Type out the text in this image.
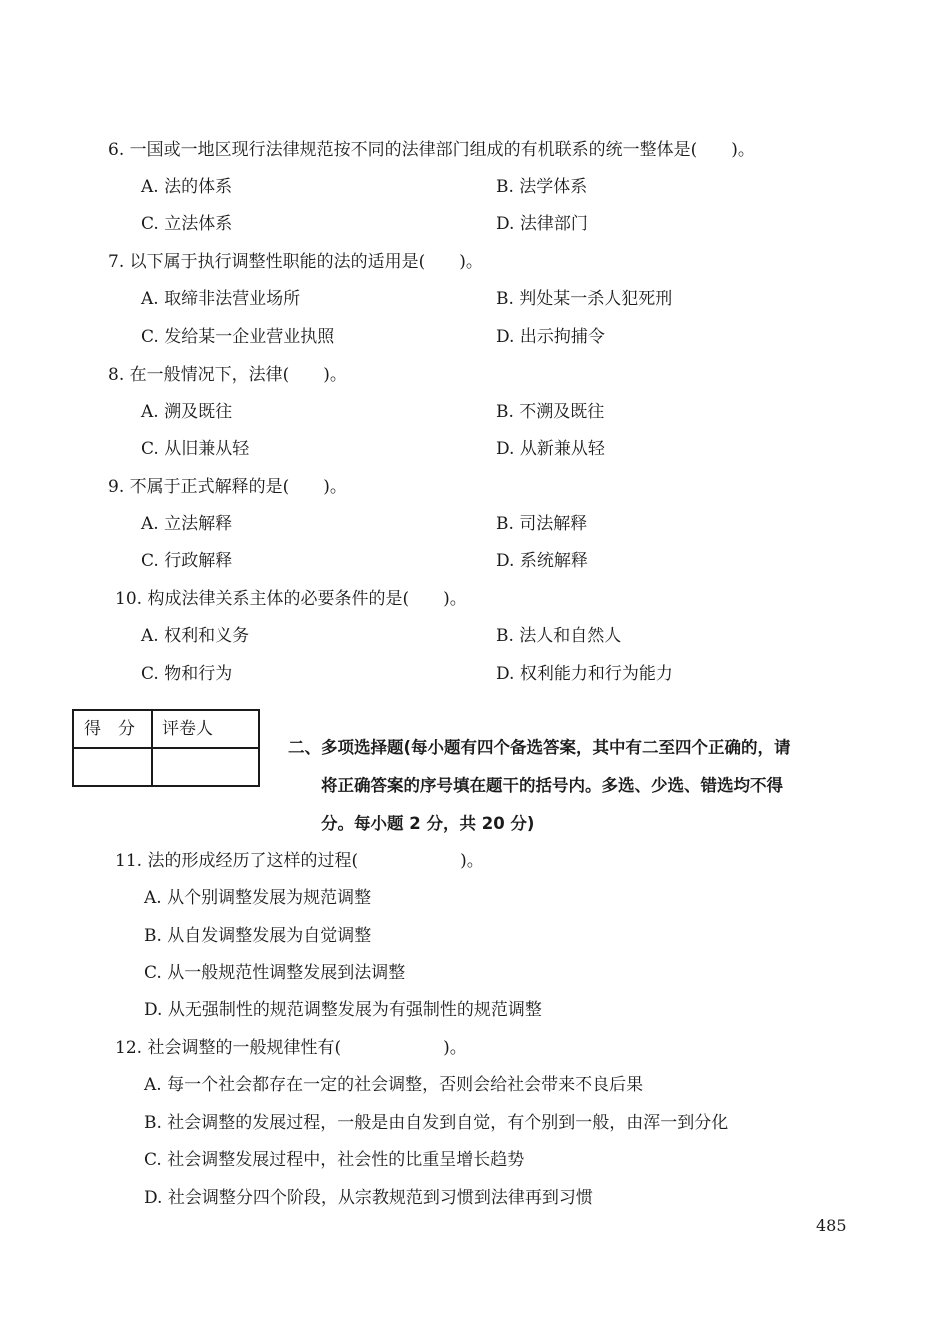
6. 一国或一地区现行法律规范按不同的法律部门组成的有机联系的统一整体是(　　)。
A. 法的体系	B. 法学体系
C. 立法体系	D. 法律部门
7. 以下属于执行调整性职能的法的适用是(　　)。
A. 取缔非法营业场所	B. 判处某一杀人犯死刑
C. 发给某一企业营业执照	D. 出示拘捕令
8. 在一般情况下，法律(　　)。
A. 溯及既往	B. 不溯及既往
C. 从旧兼从轻	D. 从新兼从轻
9. 不属于正式解释的是(　　)。
A. 立法解释	B. 司法解释
C. 行政解释	D. 系统解释
10. 构成法律关系主体的必要条件的是(　　)。
A. 权利和义务	B. 法人和自然人
C. 物和行为	D. 权利能力和行为能力
得　分 评卷人
二、多项选择题(每小题有四个备选答案，其中有二至四个正确的，请
将正确答案的序号填在题干的括号内。多选、少选、错选均不得
分。每小题 2 分，共 20 分)
11. 法的形成经历了这样的过程(　　　　　　)。
A. 从个别调整发展为规范调整
B. 从自发调整发展为自觉调整
C. 从一般规范性调整发展到法调整
D. 从无强制性的规范调整发展为有强制性的规范调整
12. 社会调整的一般规律性有(　　　　　　)。
A. 每一个社会都存在一定的社会调整，否则会给社会带来不良后果
B. 社会调整的发展过程，一般是由自发到自觉，有个别到一般，由浑一到分化
C. 社会调整发展过程中，社会性的比重呈增长趋势
D. 社会调整分四个阶段，从宗教规范到习惯到法律再到习惯
485
